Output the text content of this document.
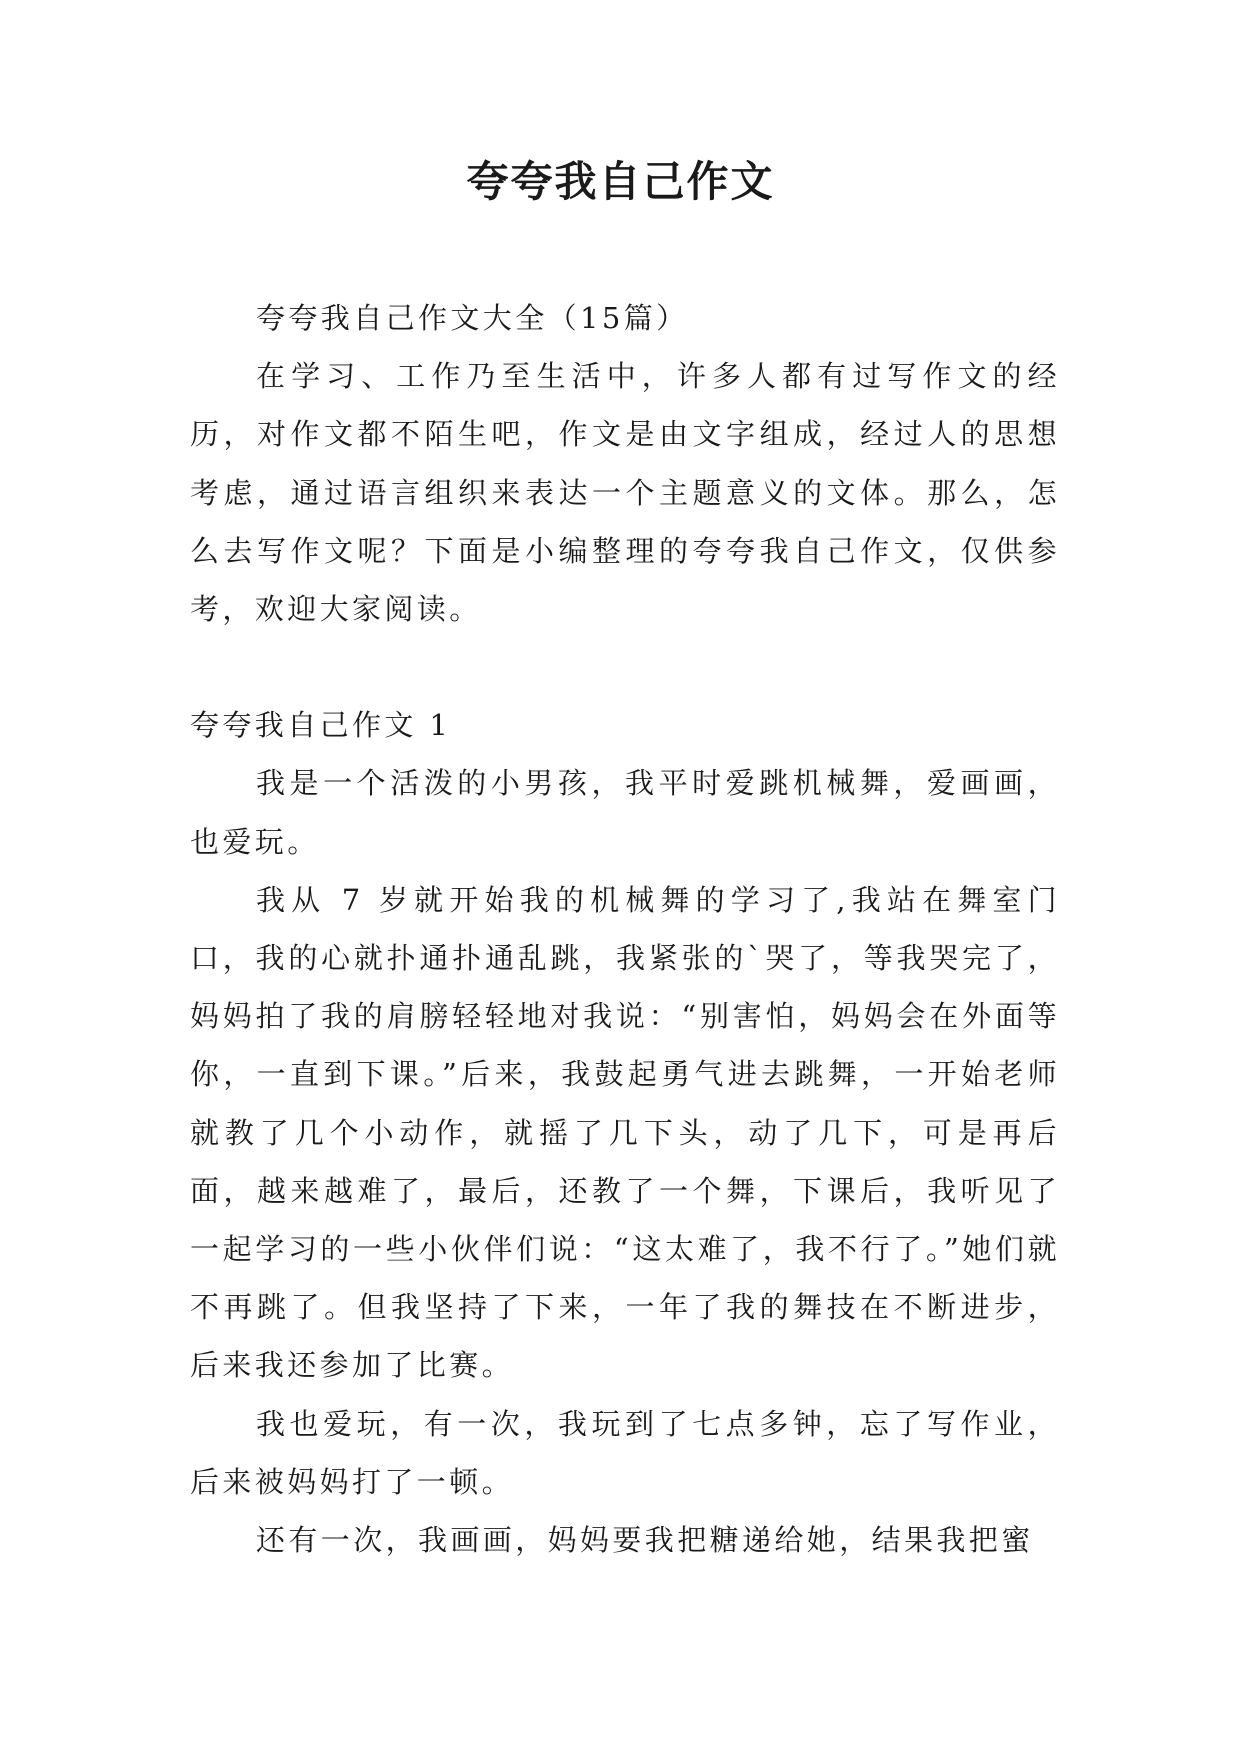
夸夸我自己作文

夸夸我自己作文大全（15篇）

在学习、工作乃至生活中，许多人都有过写作文的经历，对作文都不陌生吧，作文是由文字组成，经过人的思想考虑，通过语言组织来表达一个主题意义的文体。那么，怎么去写作文呢？下面是小编整理的夸夸我自己作文，仅供参考，欢迎大家阅读。

夸夸我自己作文 1

我是一个活泼的小男孩，我平时爱跳机械舞，爱画画，也爱玩。

我从 7 岁就开始我的机械舞的学习了,我站在舞室门口，我的心就扑通扑通乱跳，我紧张的`哭了，等我哭完了，妈妈拍了我的肩膀轻轻地对我说：“别害怕，妈妈会在外面等你，一直到下课。”后来，我鼓起勇气进去跳舞，一开始老师就教了几个小动作，就摇了几下头，动了几下，可是再后面，越来越难了，最后，还教了一个舞，下课后，我听见了一起学习的一些小伙伴们说：“这太难了，我不行了。”她们就不再跳了。但我坚持了下来，一年了我的舞技在不断进步，后来我还参加了比赛。

我也爱玩，有一次，我玩到了七点多钟，忘了写作业，后来被妈妈打了一顿。

还有一次，我画画，妈妈要我把糖递给她，结果我把蜜
